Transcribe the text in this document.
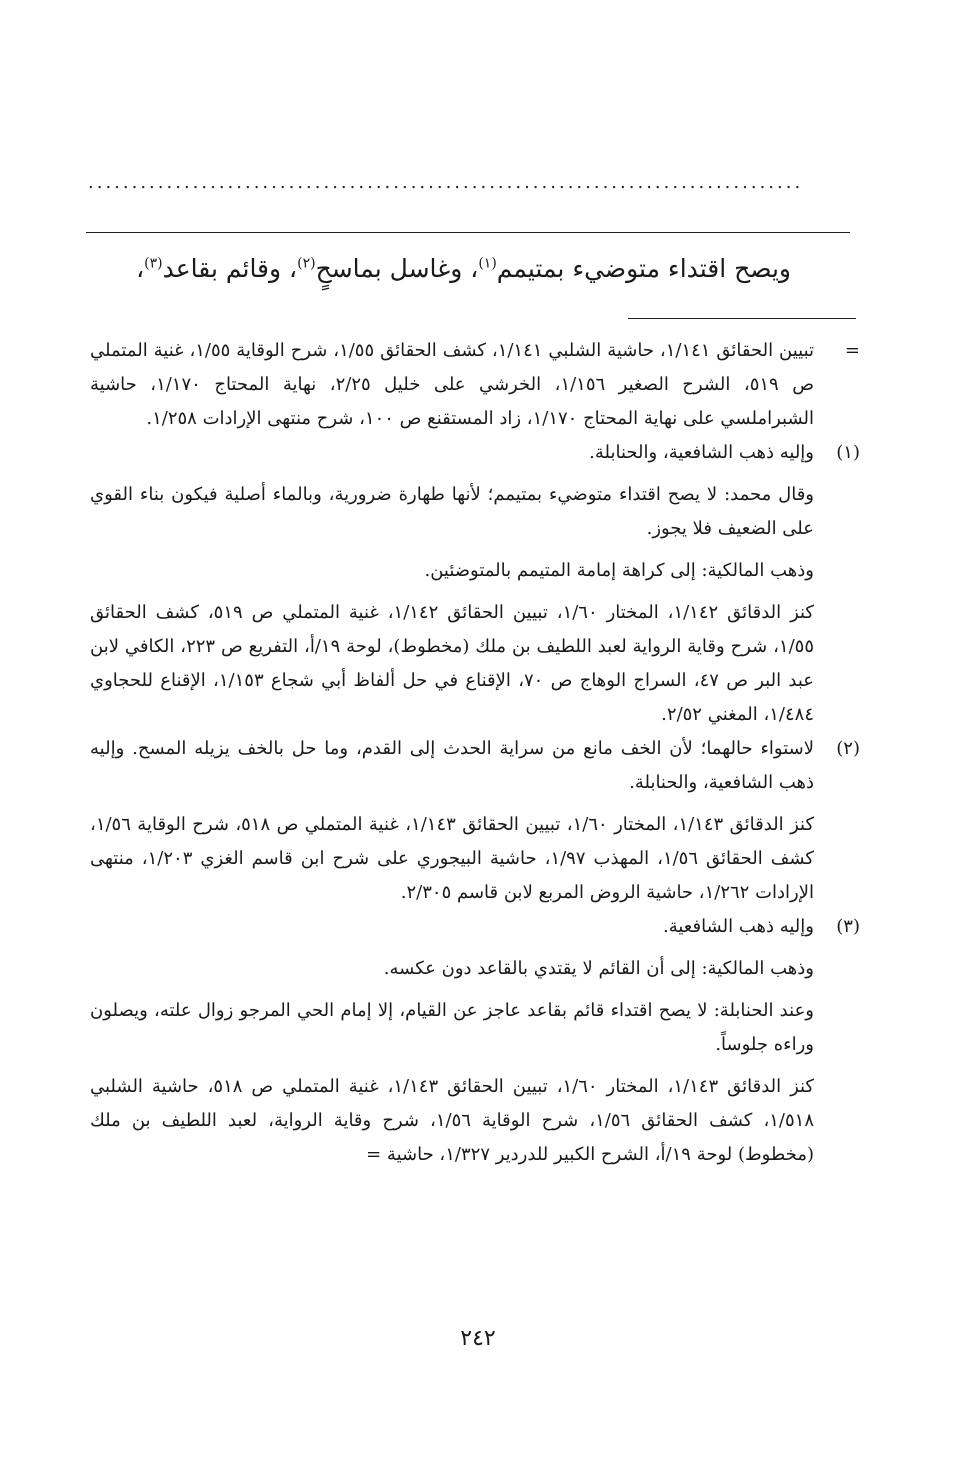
..................................................................................
ويصح اقتداء متوضيء بمتيمم$^{(١)}$، وغاسل بماسحٍ$^{(٢)}$، وقائم بقاعد$^{(٣)}$،
=

تبيين الحقائق ١/١٤١، حاشية الشلبي ١/١٤١، كشف الحقائق ١/٥٥، شرح الوقاية ١/٥٥، غنية المتملي ص ٥١٩، الشرح الصغير ١/١٥٦، الخرشي على خليل ٢/٢٥، نهاية المحتاج ١/١٧٠، حاشية الشبراملسي على نهاية المحتاج ١/١٧٠، زاد المستقنع ص ١٠٠، شرح منتهى الإرادات ١/٢٥٨.

(١)

وإليه ذهب الشافعية، والحنابلة.

وقال محمد: لا يصح اقتداء متوضيء بمتيمم؛ لأنها طهارة ضرورية، وبالماء أصلية فيكون بناء القوي على الضعيف فلا يجوز.

وذهب المالكية: إلى كراهة إمامة المتيمم بالمتوضئين.

كنز الدقائق ١/١٤٢، المختار ١/٦٠، تبيين الحقائق ١/١٤٢، غنية المتملي ص ٥١٩، كشف الحقائق ١/٥٥، شرح وقاية الرواية لعبد اللطيف بن ملك (مخطوط)، لوحة ١٩/أ، التفريع ص ٢٢٣، الكافي لابن عبد البر ص ٤٧، السراج الوهاج ص ٧٠، الإقناع في حل ألفاظ أبي شجاع ١/١٥٣، الإقناع للحجاوي ١/٤٨٤، المغني ٢/٥٢.

(٢)

لاستواء حالهما؛ لأن الخف مانع من سراية الحدث إلى القدم، وما حل بالخف يزيله المسح. وإليه ذهب الشافعية، والحنابلة.

كنز الدقائق ١/١٤٣، المختار ١/٦٠، تبيين الحقائق ١/١٤٣، غنية المتملي ص ٥١٨، شرح الوقاية ١/٥٦، كشف الحقائق ١/٥٦، المهذب ١/٩٧، حاشية البيجوري على شرح ابن قاسم الغزي ١/٢٠٣، منتهى الإرادات ١/٢٦٢، حاشية الروض المربع لابن قاسم ٢/٣٠٥.

(٣)

وإليه ذهب الشافعية.

وذهب المالكية: إلى أن القائم لا يقتدي بالقاعد دون عكسه.

وعند الحنابلة: لا يصح اقتداء قائم بقاعد عاجز عن القيام، إلا إمام الحي المرجو زوال علته، ويصلون وراءه جلوساً.

كنز الدقائق ١/١٤٣، المختار ١/٦٠، تبيين الحقائق ١/١٤٣، غنية المتملي ص ٥١٨، حاشية الشلبي ١/٥١٨، كشف الحقائق ١/٥٦، شرح الوقاية ١/٥٦، شرح وقاية الرواية، لعبد اللطيف بن ملك (مخطوط) لوحة ١٩/أ، الشرح الكبير للدردير ١/٣٢٧، حاشية =

٢٤٢
